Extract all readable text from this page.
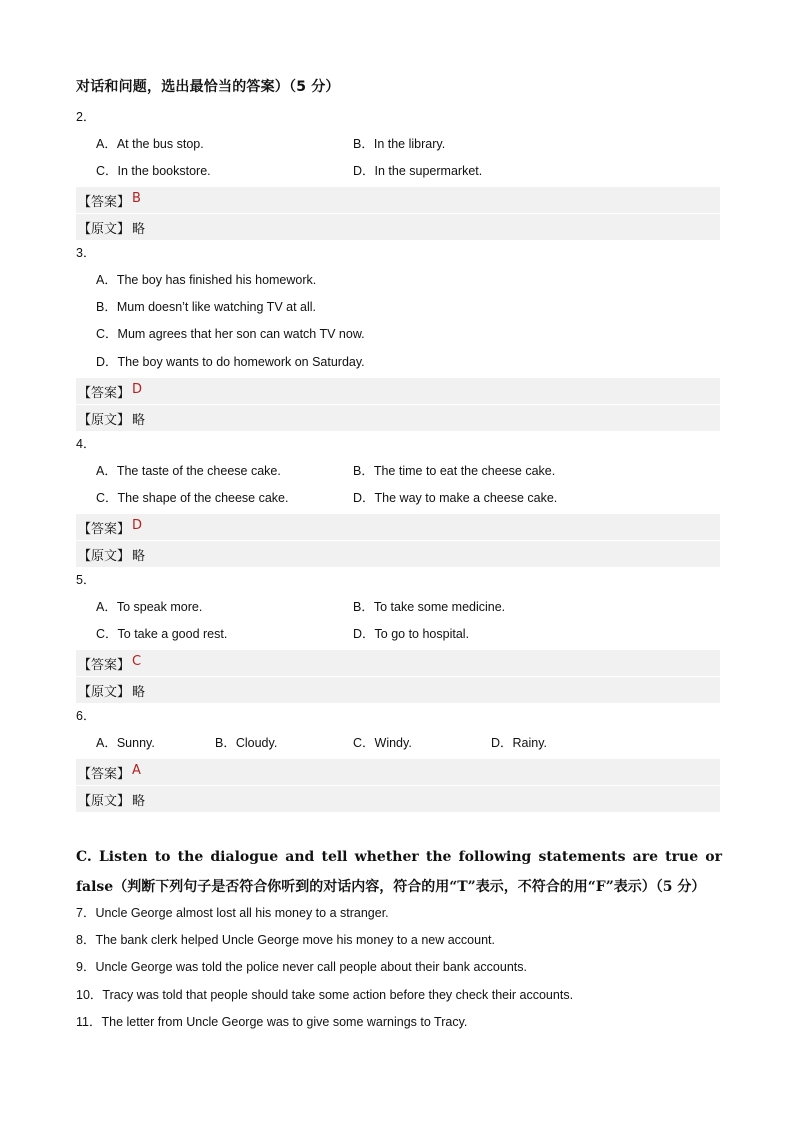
对话和问题，选出最恰当的答案）（5 分）
2．
A．At the bus stop.	B．In the library.
C．In the bookstore.	D．In the supermarket.
【答案】 B
【原文】 略
3．
A．The boy has finished his homework.
B．Mum doesn’t like watching TV at all.
C．Mum agrees that her son can watch TV now.
D．The boy wants to do homework on Saturday.
【答案】 D
【原文】 略
4．
A．The taste of the cheese cake.	B．The time to eat the cheese cake.
C．The shape of the cheese cake.	D．The way to make a cheese cake.
【答案】 D
【原文】 略
5．
A．To speak more.	B．To take some medicine.
C．To take a good rest.	D．To go to hospital.
【答案】 C
【原文】 略
6．
A．Sunny.	B．Cloudy.	C．Windy.	D．Rainy.
【答案】 A
【原文】 略
C. Listen to the dialogue and tell whether the following statements are true or false（判断下列句子是否符合你听到的对话内容，符合的用“T”表示，不符合的用“F”表示）（5 分）
7．Uncle George almost lost all his money to a stranger.
8．The bank clerk helped Uncle George move his money to a new account.
9．Uncle George was told the police never call people about their bank accounts.
10．Tracy was told that people should take some action before they check their accounts.
11．The letter from Uncle George was to give some warnings to Tracy.
